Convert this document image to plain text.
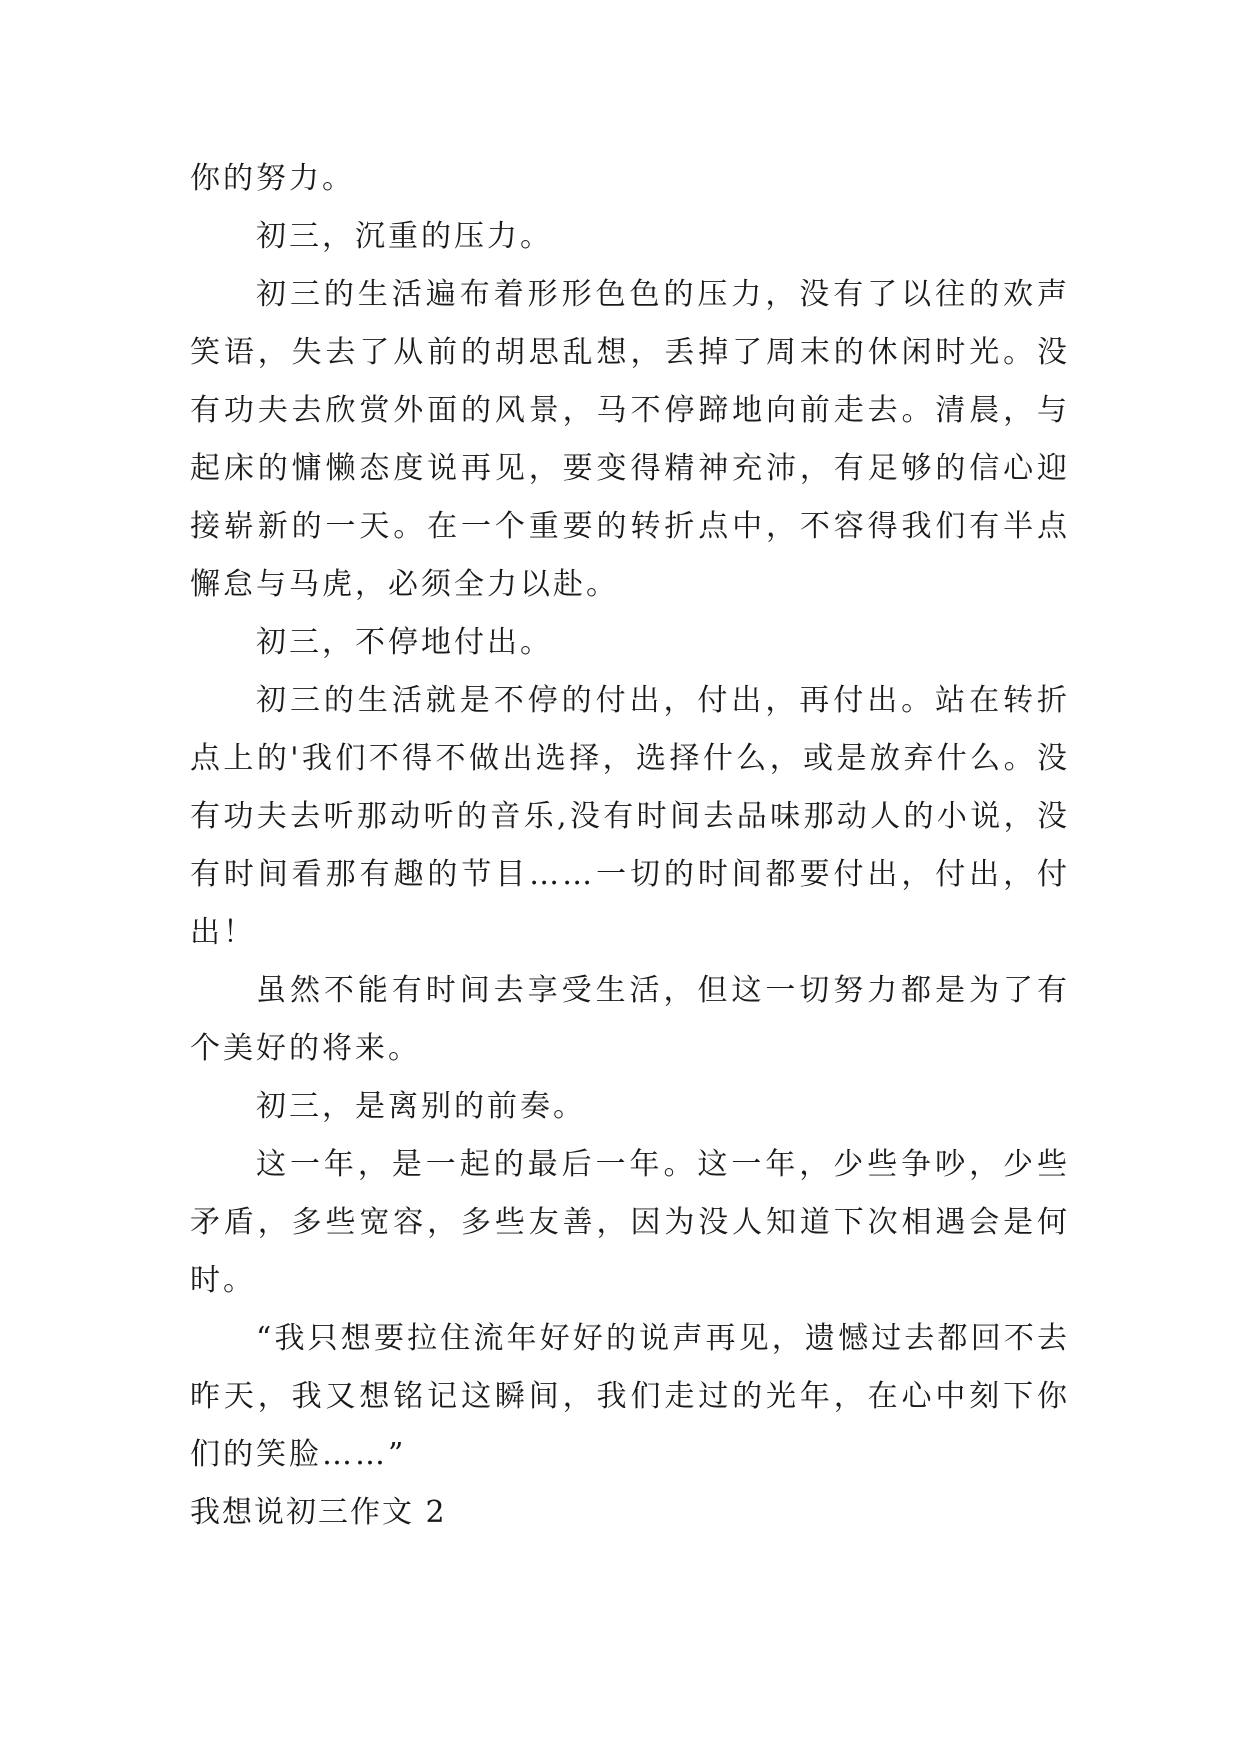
你的努力。

初三，沉重的压力。

初三的生活遍布着形形色色的压力，没有了以往的欢声笑语，失去了从前的胡思乱想，丢掉了周末的休闲时光。没有功夫去欣赏外面的风景，马不停蹄地向前走去。清晨，与起床的慵懒态度说再见，要变得精神充沛，有足够的信心迎接崭新的一天。在一个重要的转折点中，不容得我们有半点懈怠与马虎，必须全力以赴。

初三，不停地付出。

初三的生活就是不停的付出，付出，再付出。站在转折点上的'我们不得不做出选择，选择什么，或是放弃什么。没有功夫去听那动听的音乐,没有时间去品味那动人的小说，没有时间看那有趣的节目……一切的时间都要付出，付出，付出！

虽然不能有时间去享受生活，但这一切努力都是为了有个美好的将来。

初三，是离别的前奏。

这一年，是一起的最后一年。这一年，少些争吵，少些矛盾，多些宽容，多些友善，因为没人知道下次相遇会是何时。

“我只想要拉住流年好好的说声再见，遗憾过去都回不去昨天，我又想铭记这瞬间，我们走过的光年，在心中刻下你们的笑脸……”

我想说初三作文 2
